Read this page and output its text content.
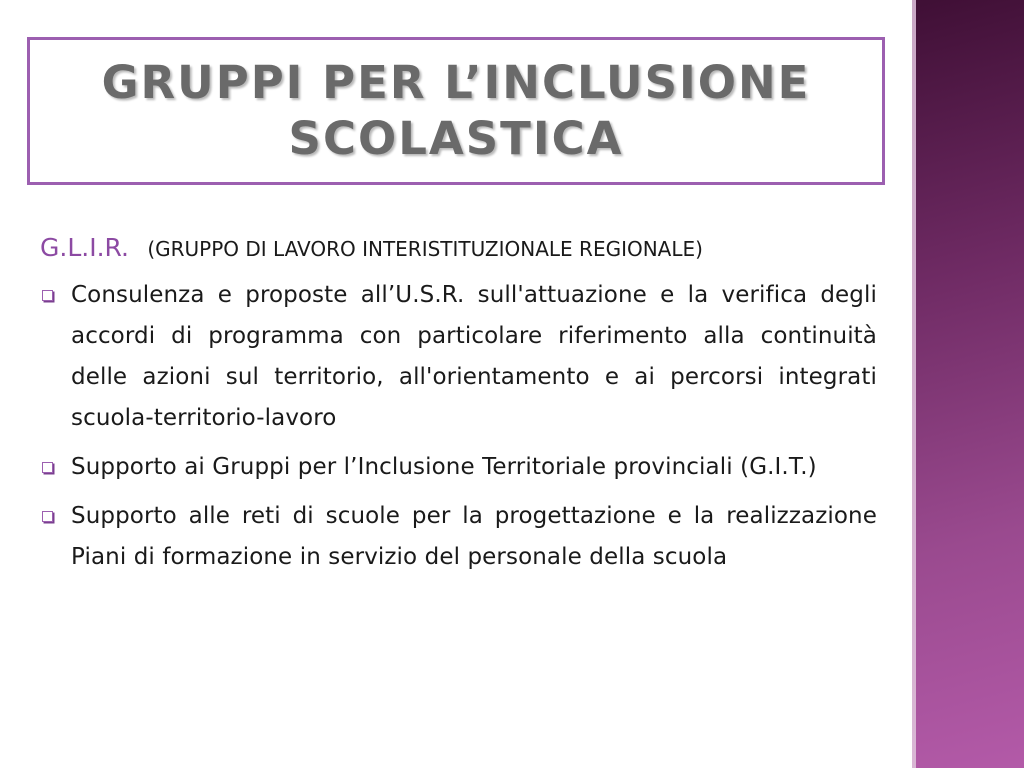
GRUPPI PER L’INCLUSIONE SCOLASTICA
G.L.I.R. (GRUPPO DI LAVORO INTERISTITUZIONALE REGIONALE)
Consulenza e proposte all’U.S.R. sull'attuazione e la verifica degli accordi di programma con particolare riferimento alla continuità delle azioni sul territorio, all'orientamento e ai percorsi integrati scuola-territorio-lavoro
Supporto ai Gruppi per l’Inclusione Territoriale provinciali (G.I.T.)
Supporto alle reti di scuole per la progettazione e la realizzazione Piani di formazione in servizio del personale della scuola
